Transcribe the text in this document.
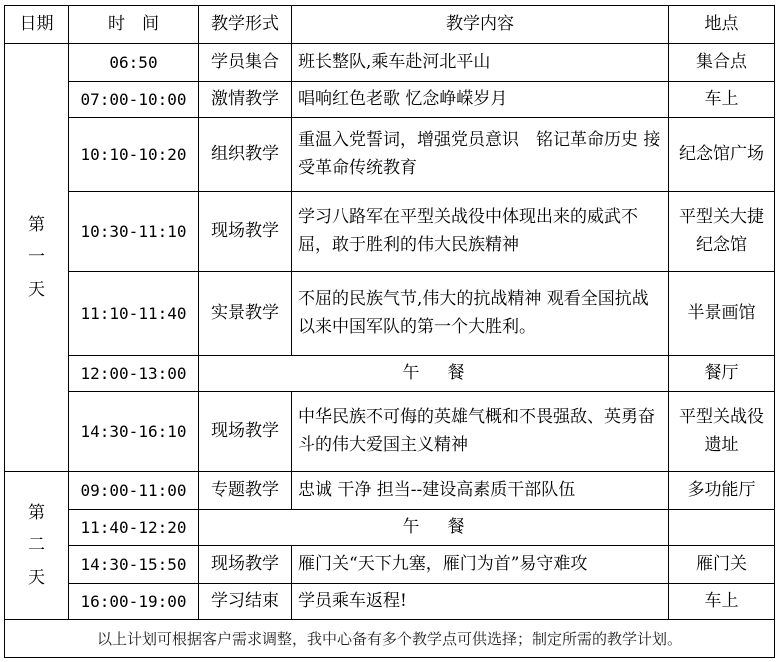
日期	时　间	教学形式	教学内容	地点

第
一
天	06:50	学员集合	班长整队,乘车赴河北平山	集合点
	07:00-10:00	激情教学	唱响红色老歌 忆念峥嵘岁月	车上
	10:10-10:20	组织教学	重温入党誓词，增强党员意识　铭记革命历史 接受革命传统教育	纪念馆广场
	10:30-11:10	现场教学	学习八路军在平型关战役中体现出来的威武不屈，敢于胜利的伟大民族精神	平型关大捷纪念馆
	11:10-11:40	实景教学	不屈的民族气节,伟大的抗战精神 观看全国抗战以来中国军队的第一个大胜利。	半景画馆
	12:00-13:00	午餐		餐厅
	14:30-16:10	现场教学	中华民族不可侮的英雄气概和不畏强敌、英勇奋斗的伟大爱国主义精神	平型关战役遗址

第
二
天	09:00-11:00	专题教学	忠诚 干净 担当--建设高素质干部队伍	多功能厅
	11:40-12:20	午餐		
	14:30-15:50	现场教学	雁门关“天下九塞，雁门为首”易守难攻	雁门关
	16:00-19:00	学习结束	学员乘车返程!	车上
以上计划可根据客户需求调整，我中心备有多个教学点可供选择；制定所需的教学计划。				
